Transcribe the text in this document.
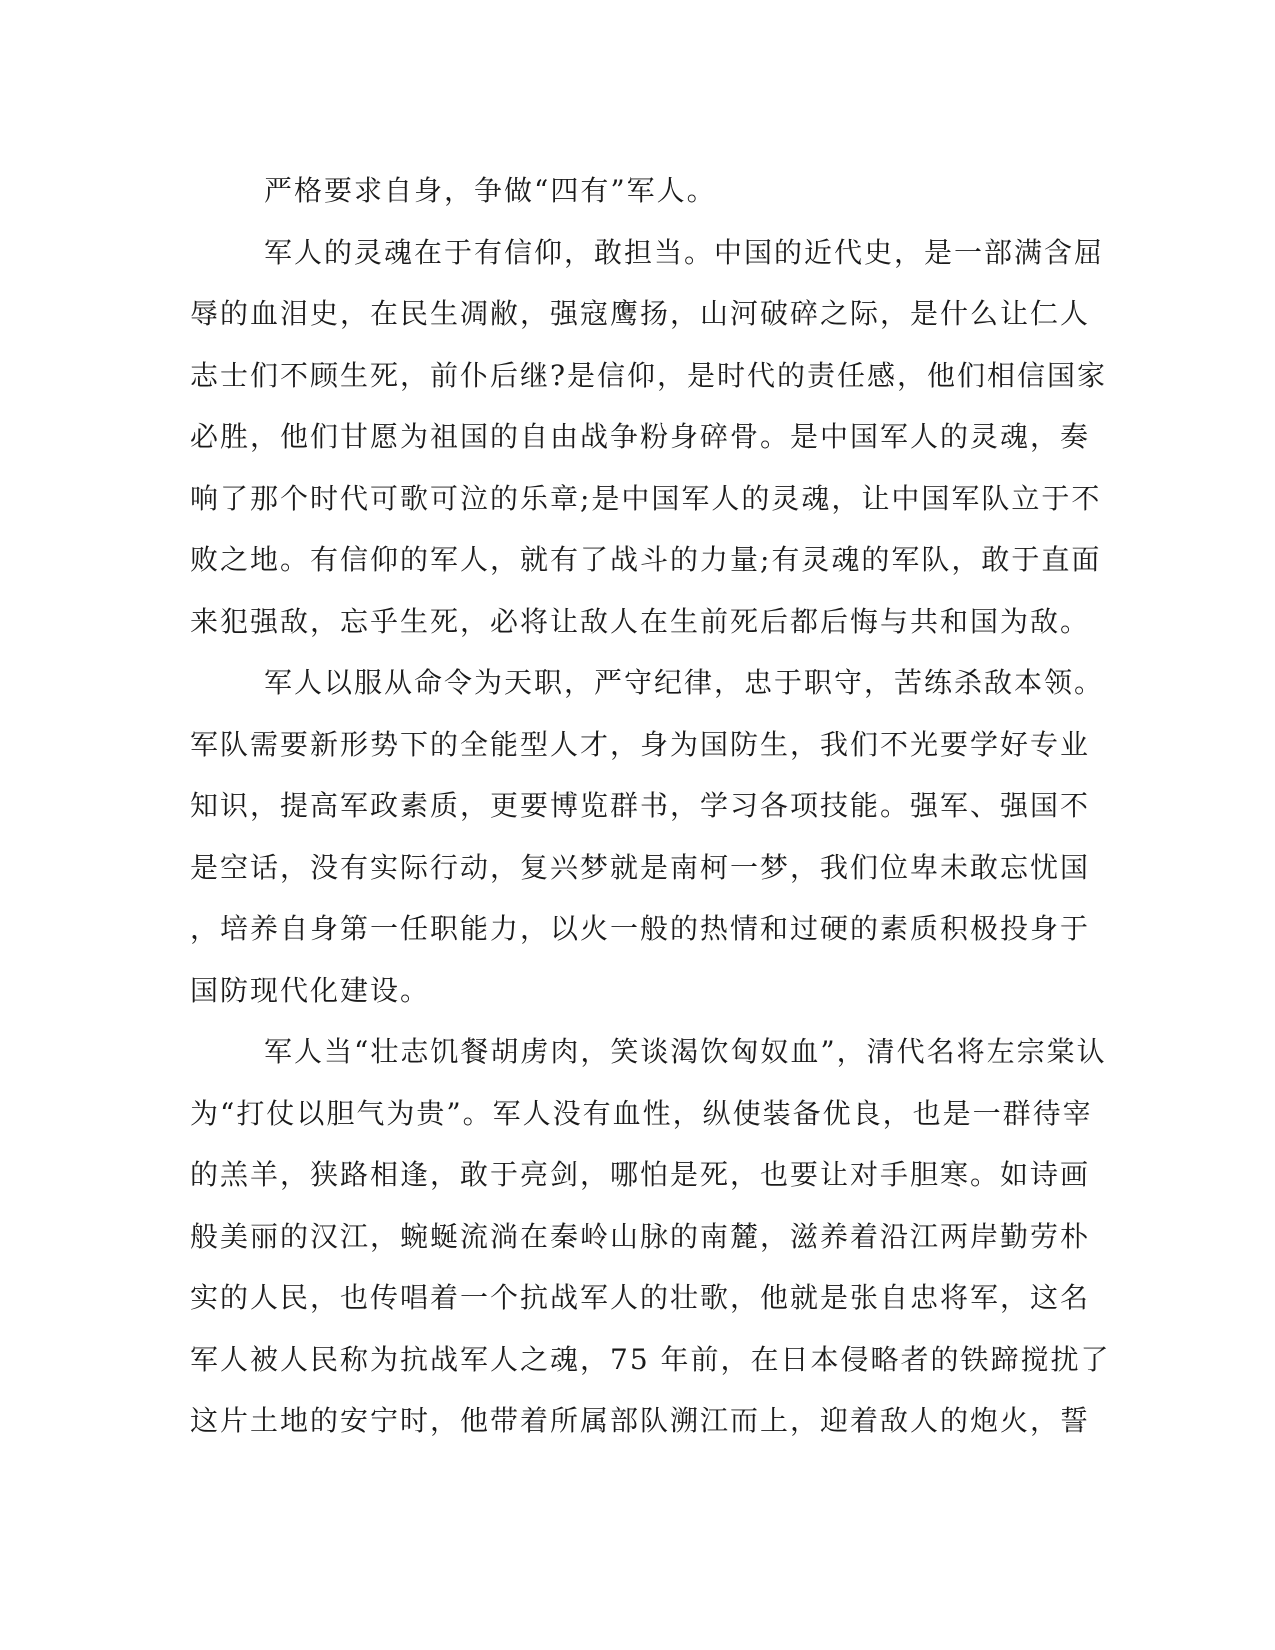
严格要求自身，争做“四有”军人。
军人的灵魂在于有信仰，敢担当。中国的近代史，是一部满含屈
辱的血泪史，在民生凋敝，强寇鹰扬，山河破碎之际，是什么让仁人
志士们不顾生死，前仆后继?是信仰，是时代的责任感，他们相信国家
必胜，他们甘愿为祖国的自由战争粉身碎骨。是中国军人的灵魂，奏
响了那个时代可歌可泣的乐章;是中国军人的灵魂，让中国军队立于不
败之地。有信仰的军人，就有了战斗的力量;有灵魂的军队，敢于直面
来犯强敌，忘乎生死，必将让敌人在生前死后都后悔与共和国为敌。
军人以服从命令为天职，严守纪律，忠于职守，苦练杀敌本领。
军队需要新形势下的全能型人才，身为国防生，我们不光要学好专业
知识，提高军政素质，更要博览群书，学习各项技能。强军、强国不
是空话，没有实际行动，复兴梦就是南柯一梦，我们位卑未敢忘忧国
，培养自身第一任职能力，以火一般的热情和过硬的素质积极投身于
国防现代化建设。
军人当“壮志饥餐胡虏肉，笑谈渴饮匈奴血”，清代名将左宗棠认
为“打仗以胆气为贵”。军人没有血性，纵使装备优良，也是一群待宰
的羔羊，狭路相逢，敢于亮剑，哪怕是死，也要让对手胆寒。如诗画
般美丽的汉江，蜿蜒流淌在秦岭山脉的南麓，滋养着沿江两岸勤劳朴
实的人民，也传唱着一个抗战军人的壮歌，他就是张自忠将军，这名
军人被人民称为抗战军人之魂，75 年前，在日本侵略者的铁蹄搅扰了
这片土地的安宁时，他带着所属部队溯江而上，迎着敌人的炮火，誓
